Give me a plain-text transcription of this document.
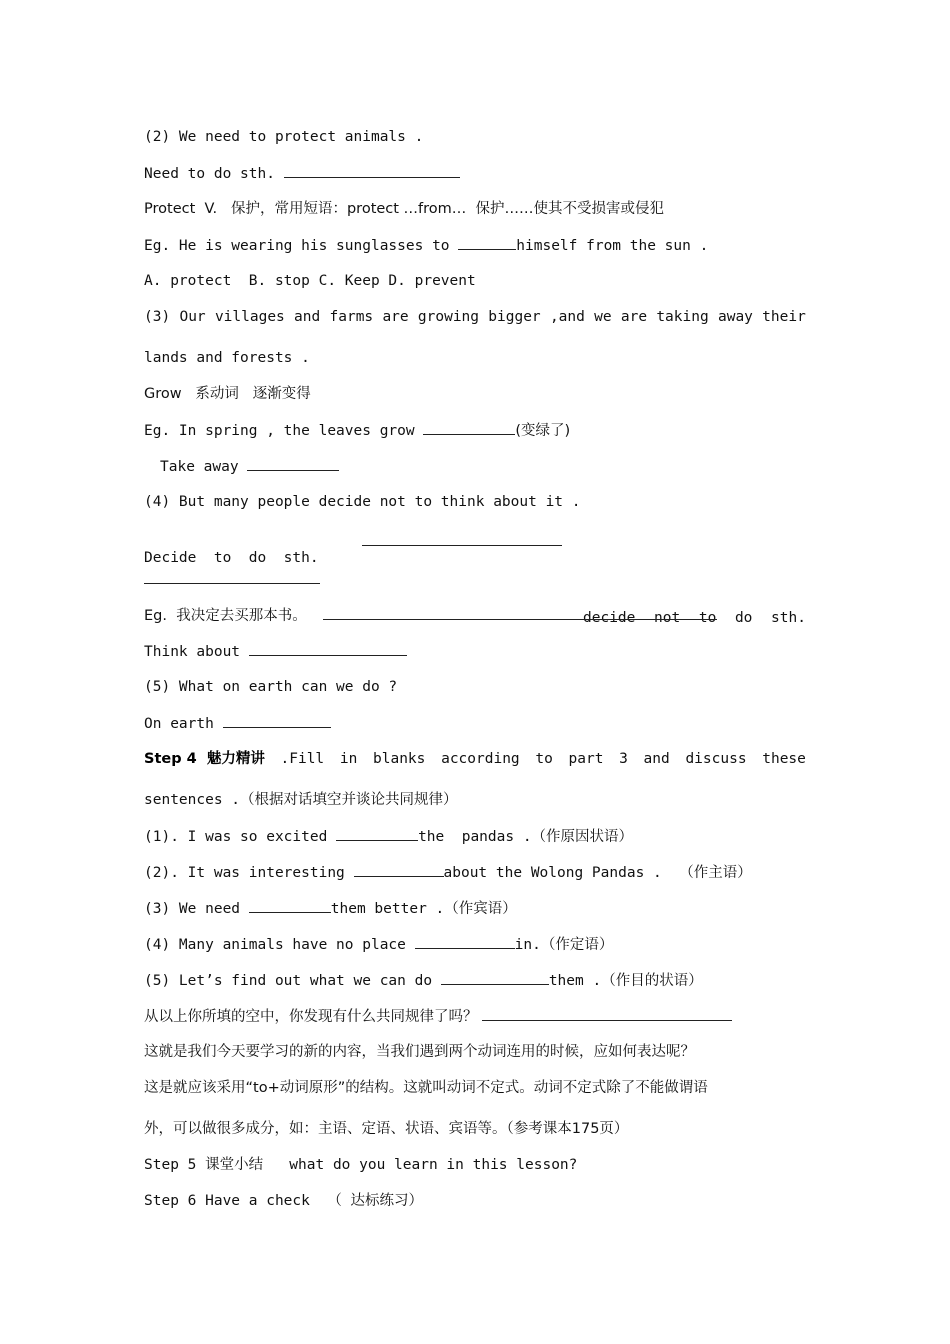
(2) We need to protect animals .
Need to do sth.
Protect  V.   保护，常用短语：protect …from…  保护……使其不受损害或侵犯
Eg. He is wearing his sunglasses to	himself from the sun .
A. protect  B. stop C. Keep D. prevent
(3) Our villages and farms are growing bigger ,and we are taking away their
lands and forests .
Grow   系动词   逐渐变得
Eg. In spring , the leaves grow	(变绿了)
Take away
(4) But many people decide not to think about it .

Decide  to  do  sth.

decide not to do sth.

Eg.  我决定去买那本书。
Think about
(5) What on earth can we do ?
On earth
Step 4  魅力精讲 .Fill in blanks according to part 3 and discuss these
sentences .（根据对话填空并谈论共同规律）
(1). I was so excited	the  pandas .（作原因状语）
(2). It was interesting	about the Wolong Pandas .  （作主语）
(3) We need	them better .（作宾语）
(4) Many animals have no place	in.（作定语）
(5) Let’s find out what we can do	them .（作目的状语）
从以上你所填的空中，你发现有什么共同规律了吗？
这就是我们今天要学习的新的内容，当我们遇到两个动词连用的时候，应如何表达呢？
这是就应该采用“to+动词原形”的结构。这就叫动词不定式。动词不定式除了不能做谓语
外，可以做很多成分，如：主语、定语、状语、宾语等。（参考课本175页）
Step 5 课堂小结   what do you learn in this lesson?
Step 6 Have a check  （ 达标练习）
